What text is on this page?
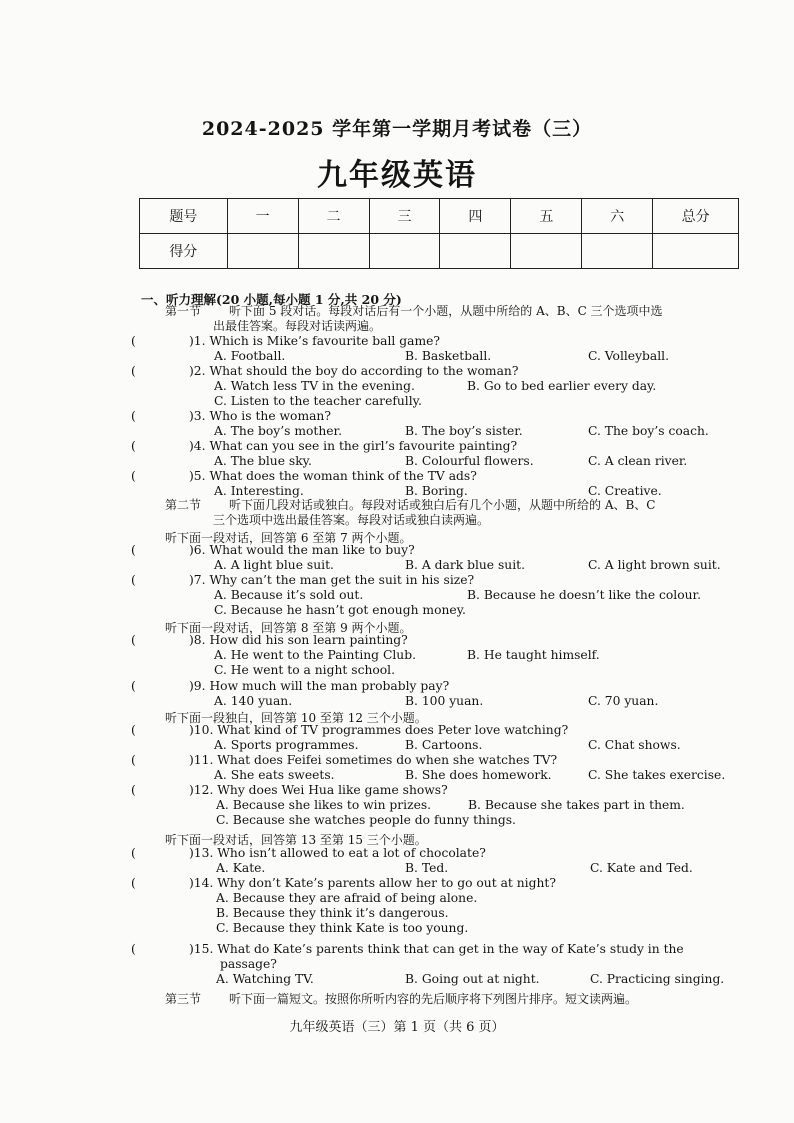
2024-2025 学年第一学期月考试卷（三）
九年级英语
题号	一	二	三	四	五	六	总分
得分							
一、听力理解(20 小题,每小题 1 分,共 20 分)
第一节 听下面 5 段对话。每段对话后有一个小题，从题中所给的 A、B、C 三个选项中选
出最佳答案。每段对话读两遍。
(	)1. Which is Mike’s favourite ball game?
A. Football.	B. Basketball.	C. Volleyball.
(	)2. What should the boy do according to the woman?
A. Watch less TV in the evening.	B. Go to bed earlier every day.
C. Listen to the teacher carefully.
(	)3. Who is the woman?
A. The boy’s mother.	B. The boy’s sister.	C. The boy’s coach.
(	)4. What can you see in the girl’s favourite painting?
A. The blue sky.	B. Colourful flowers.	C. A clean river.
(	)5. What does the woman think of the TV ads?
A. Interesting.	B. Boring.	C. Creative.
(	)6. What would the man like to buy?
A. A light blue suit.	B. A dark blue suit.	C. A light brown suit.
(	)7. Why can’t the man get the suit in his size?
A. Because it’s sold out.	B. Because he doesn’t like the colour.
C. Because he hasn’t got enough money.
(	)8. How did his son learn painting?
A. He went to the Painting Club.	B. He taught himself.
C. He went to a night school.
(	)9. How much will the man probably pay?
A. 140 yuan.	B. 100 yuan.	C. 70 yuan.
(	)10. What kind of TV programmes does Peter love watching?
A. Sports programmes.	B. Cartoons.	C. Chat shows.
(	)11. What does Feifei sometimes do when she watches TV?
A. She eats sweets.	B. She does homework.	C. She takes exercise.
(	)12. Why does Wei Hua like game shows?
A. Because she likes to win prizes.	B. Because she takes part in them.
C. Because she watches people do funny things.
(	)13. Who isn’t allowed to eat a lot of chocolate?
A. Kate.	B. Ted.	C. Kate and Ted.
(	)14. Why don’t Kate’s parents allow her to go out at night?
A. Because they are afraid of being alone.
B. Because they think it’s dangerous.
C. Because they think Kate is too young.
(	)15. What do Kate’s parents think that can get in the way of Kate’s study in the
passage?
A. Watching TV.	B. Going out at night.	C. Practicing singing.
第二节 听下面几段对话或独白。每段对话或独白后有几个小题，从题中所给的 A、B、C
三个选项中选出最佳答案。每段对话或独白读两遍。
听下面一段对话，回答第 6 至第 7 两个小题。
听下面一段对话，回答第 8 至第 9 两个小题。
听下面一段独白，回答第 10 至第 12 三个小题。
听下面一段对话，回答第 13 至第 15 三个小题。
第三节 听下面一篇短文。按照你所听内容的先后顺序将下列图片排序。短文读两遍。
九年级英语（三）第 1 页（共 6 页）
